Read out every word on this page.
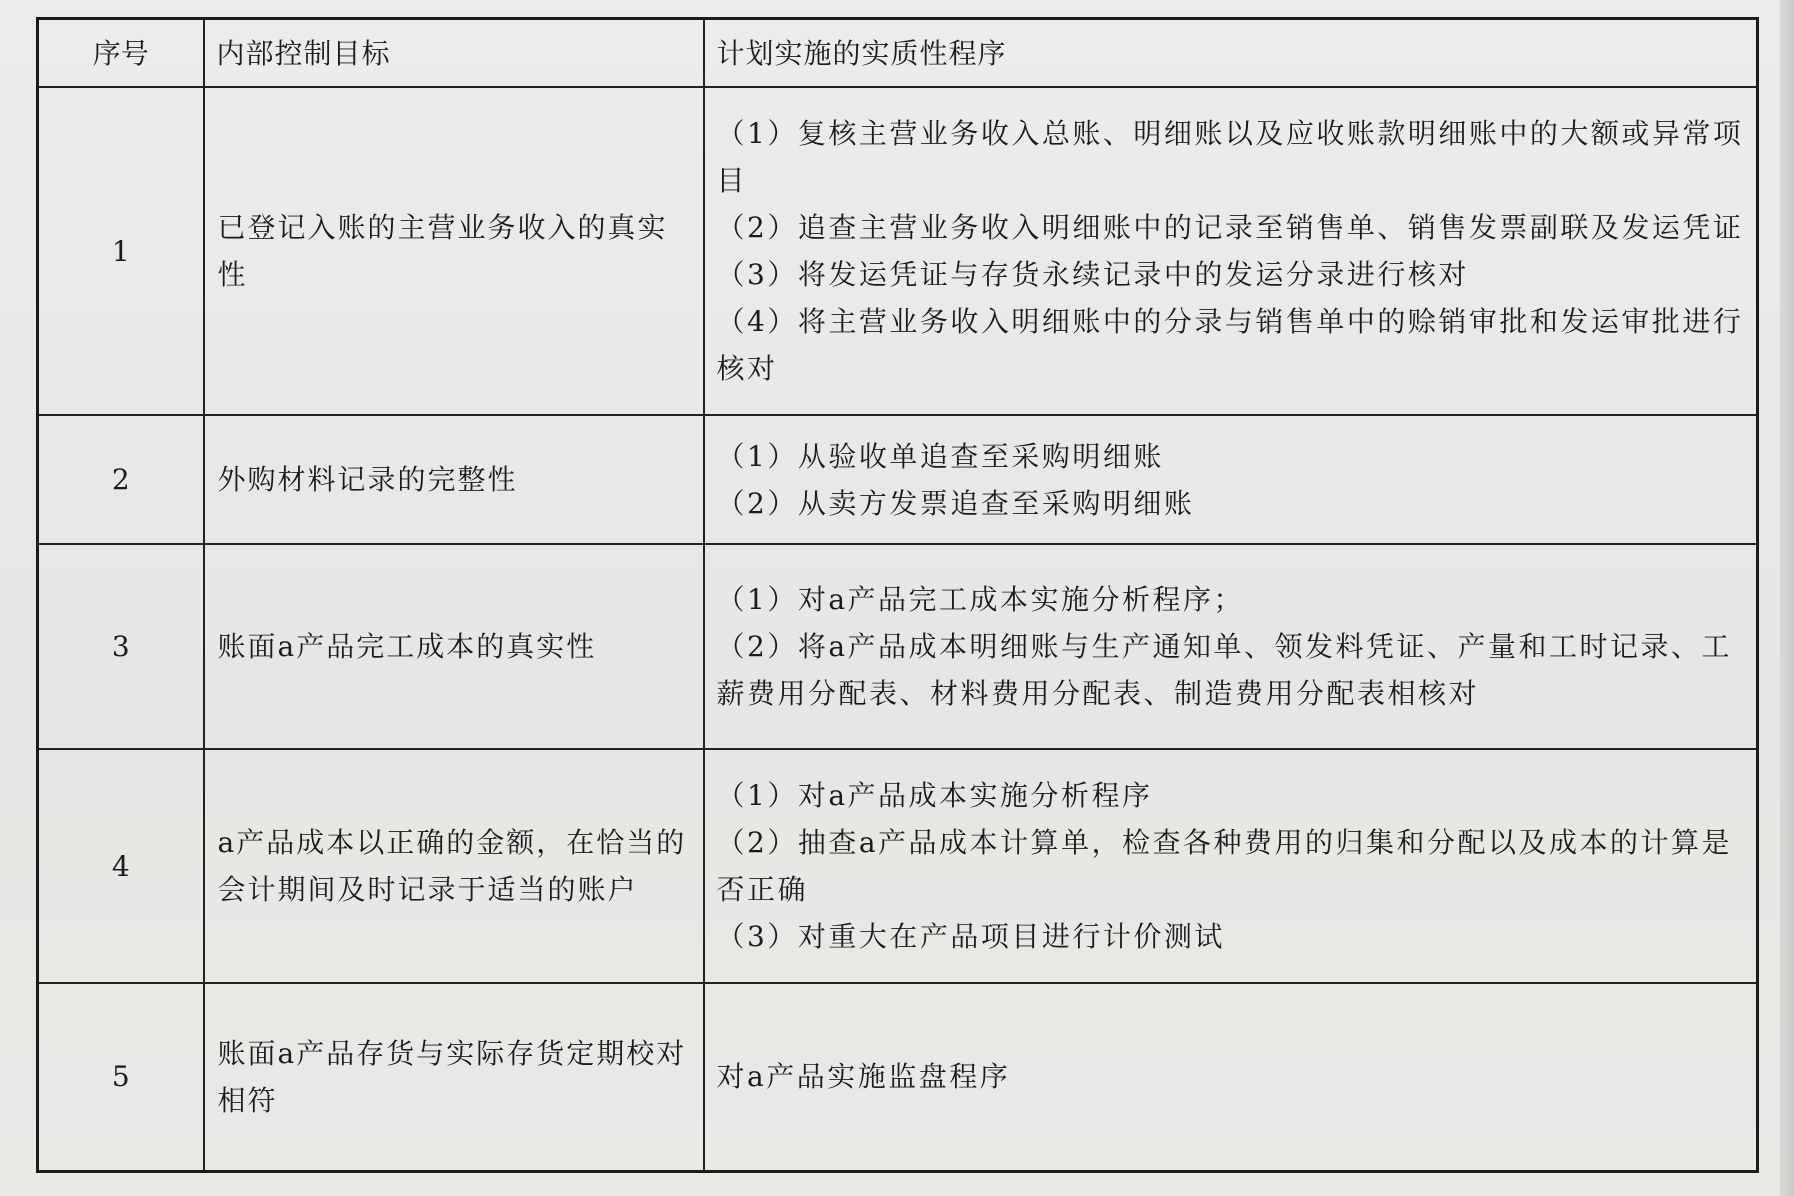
序号	内部控制目标	计划实施的实质性程序

1	已登记入账的主营业务收入的真实性	（1）复核主营业务收入总账、明细账以及应收账款明细账中的大额或异常项目
（2）追查主营业务收入明细账中的记录至销售单、销售发票副联及发运凭证
（3）将发运凭证与存货永续记录中的发运分录进行核对
（4）将主营业务收入明细账中的分录与销售单中的赊销审批和发运审批进行核对

2	外购材料记录的完整性	（1）从验收单追查至采购明细账
（2）从卖方发票追查至采购明细账

3	账面a产品完工成本的真实性	（1）对a产品完工成本实施分析程序；
（2）将a产品成本明细账与生产通知单、领发料凭证、产量和工时记录、工薪费用分配表、材料费用分配表、制造费用分配表相核对

4	a产品成本以正确的金额，在恰当的会计期间及时记录于适当的账户	（1）对a产品成本实施分析程序
（2）抽查a产品成本计算单，检查各种费用的归集和分配以及成本的计算是否正确
（3）对重大在产品项目进行计价测试

5	账面a产品存货与实际存货定期校对相符	对a产品实施监盘程序
